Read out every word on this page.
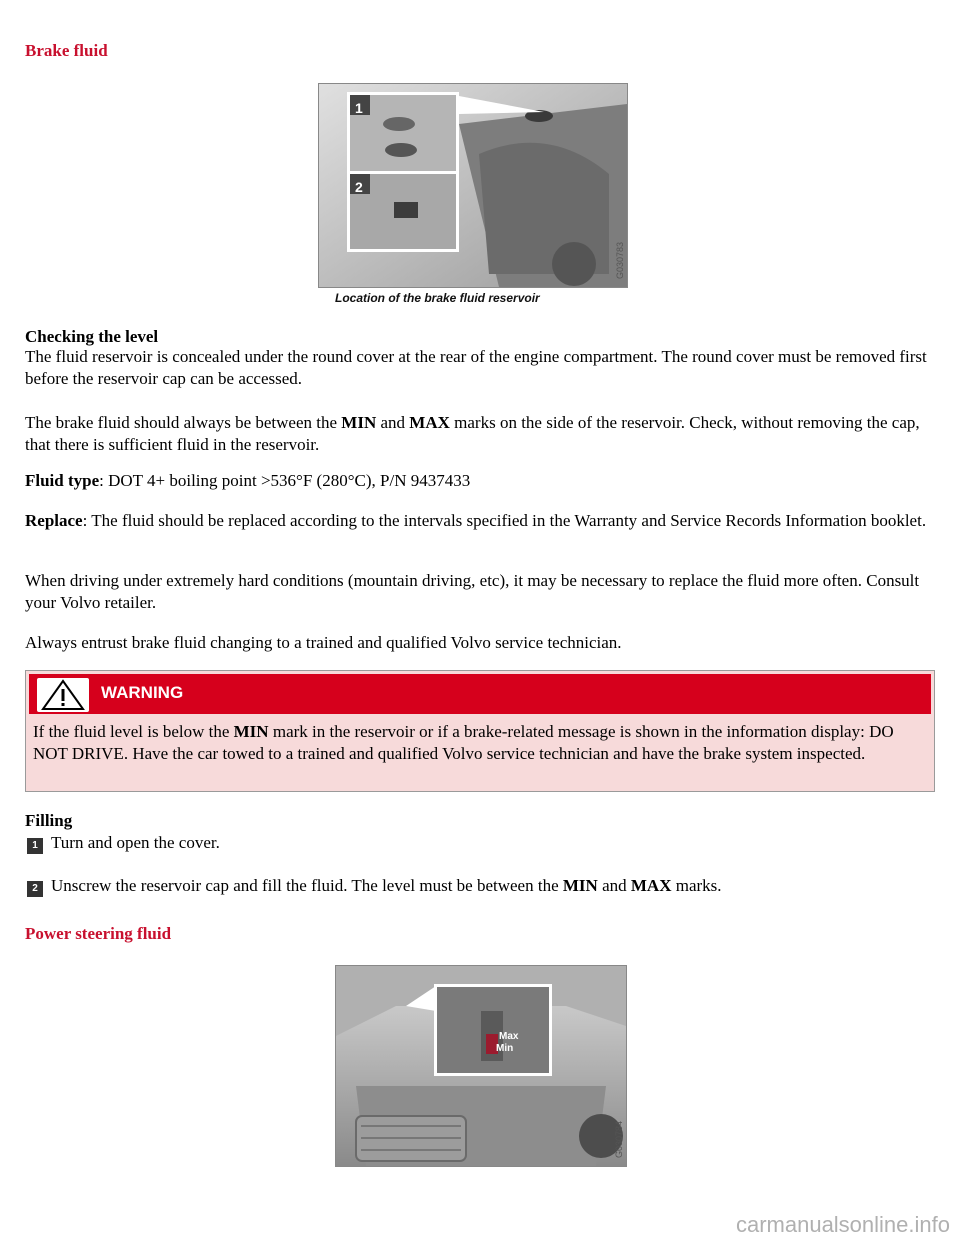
Brake fluid
1
2
G030783
Location of the brake fluid reservoir

Checking the level

The fluid reservoir is concealed under the round cover at the rear of the engine compartment. The round cover must be removed first before the reservoir cap can be accessed.

The brake fluid should always be between the MIN and MAX marks on the side of the reservoir. Check, without removing the cap, that there is sufficient fluid in the reservoir.

Fluid type: DOT 4+ boiling point >536°F (280°C), P/N 9437433

Replace: The fluid should be replaced according to the intervals specified in the Warranty and Service Records Information booklet.

When driving under extremely hard conditions (mountain driving, etc), it may be necessary to replace the fluid more often. Consult your Volvo retailer.

Always entrust brake fluid changing to a trained and qualified Volvo service technician.

WARNING

If the fluid level is below the MIN mark in the reservoir or if a brake-related message is shown in the information display: DO NOT DRIVE. Have the car towed to a trained and qualified Volvo service technician and have the brake system inspected.

Filling

1 Turn and open the cover.

2 Unscrew the reservoir cap and fill the fluid. The level must be between the MIN and MAX marks.

Power steering fluid
Max
Min
G030784
carmanualsonline.info
